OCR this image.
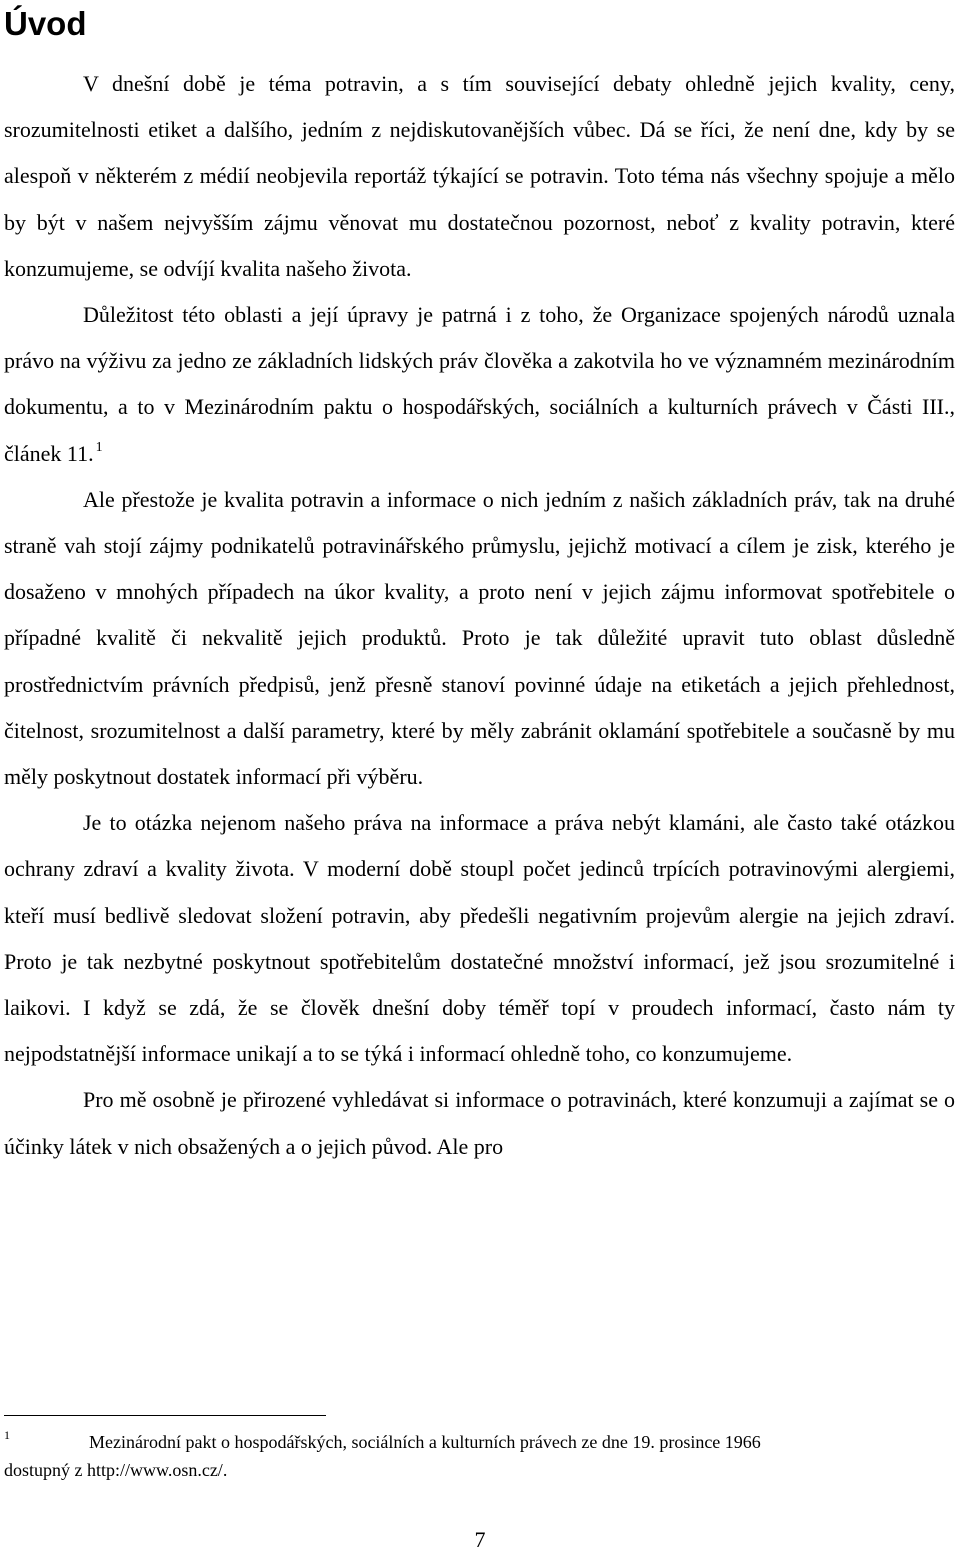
Úvod

V dnešní době je téma potravin, a s tím související debaty ohledně jejich kvality, ceny, srozumitelnosti etiket a dalšího, jedním z nejdiskutovanějších vůbec. Dá se říci, že není dne, kdy by se alespoň v některém z médií neobjevila reportáž týkající se potravin. Toto téma nás všechny spojuje a mělo by být v našem nejvyšším zájmu věnovat mu dostatečnou pozornost, neboť z kvality potravin, které konzumujeme, se odvíjí kvalita našeho života.

Důležitost této oblasti a její úpravy je patrná i z toho, že Organizace spojených národů uznala právo na výživu za jedno ze základních lidských práv člověka a zakotvila ho ve významném mezinárodním dokumentu, a to v Mezinárodním paktu o hospodářských, sociálních a kulturních právech v Části III., článek 11. $^1$

Ale přestože je kvalita potravin a informace o nich jedním z našich základních práv, tak na druhé straně vah stojí zájmy podnikatelů potravinářského průmyslu, jejichž motivací a cílem je zisk, kterého je dosaženo v mnohých případech na úkor kvality, a proto není v jejich zájmu informovat spotřebitele o případné kvalitě či nekvalitě jejich produktů. Proto je tak důležité upravit tuto oblast důsledně prostřednictvím právních předpisů, jenž přesně stanoví povinné údaje na etiketách a jejich přehlednost, čitelnost, srozumitelnost a další parametry, které by měly zabránit oklamání spotřebitele a současně by mu měly poskytnout dostatek informací při výběru.

Je to otázka nejenom našeho práva na informace a práva nebýt klamáni, ale často také otázkou ochrany zdraví a kvality života. V moderní době stoupl počet jedinců trpících potravinovými alergiemi, kteří musí bedlivě sledovat složení potravin, aby předešli negativním projevům alergie na jejich zdraví. Proto je tak nezbytné poskytnout spotřebitelům dostatečné množství informací, jež jsou srozumitelné i laikovi. I když se zdá, že se člověk dnešní doby téměř topí v proudech informací, často nám ty nejpodstatnější informace unikají a to se týká i informací ohledně toho, co konzumujeme.

Pro mě osobně je přirozené vyhledávat si informace o potravinách, které konzumuji a zajímat se o účinky látek v nich obsažených a o jejich původ. Ale pro

1	Mezinárodní pakt o hospodářských, sociálních a kulturních právech ze dne 19. prosince 1966
dostupný z http://www.osn.cz/.
7
